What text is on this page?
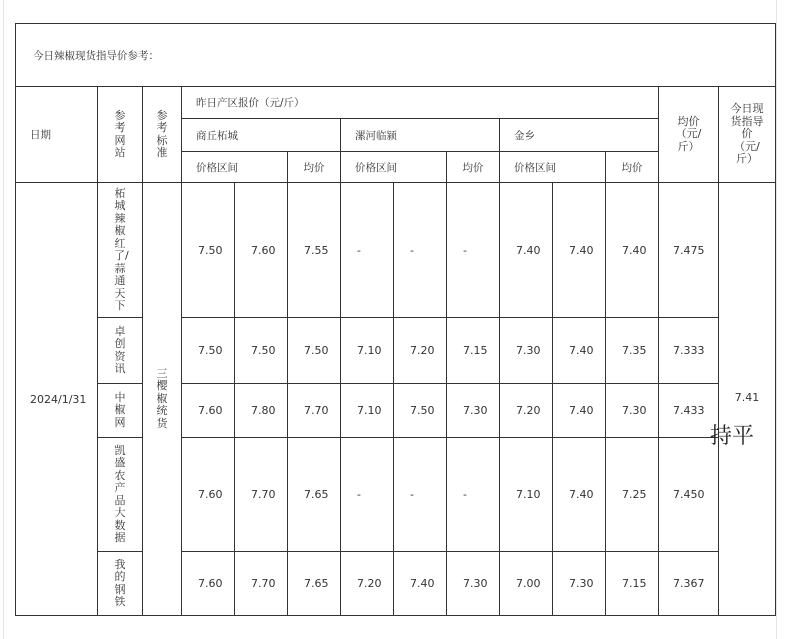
今日辣椒现货指导价参考：													
日期	参考网站	参考标准	昨日产区报价（元/斤）									均价（元/斤）	今日现货指导价（元/斤）
			商丘柘城			漯河临颍			金乡				
			价格区间		均价	价格区间		均价	价格区间		均价		
2024/1/31	柘城辣椒红了/蒜通天下	三樱椒统货	7.50	7.60	7.55	-	-	-	7.40	7.40	7.40	7.475	7.41
持平

	卓创资讯		7.50	7.50	7.50	7.10	7.20	7.15	7.30	7.40	7.35	7.333	
	中椒网		7.60	7.80	7.70	7.10	7.50	7.30	7.20	7.40	7.30	7.433	
	凯盛农产品大数据		7.60	7.70	7.65	-	-	-	7.10	7.40	7.25	7.450	
	我的钢铁		7.60	7.70	7.65	7.20	7.40	7.30	7.00	7.30	7.15	7.367	
